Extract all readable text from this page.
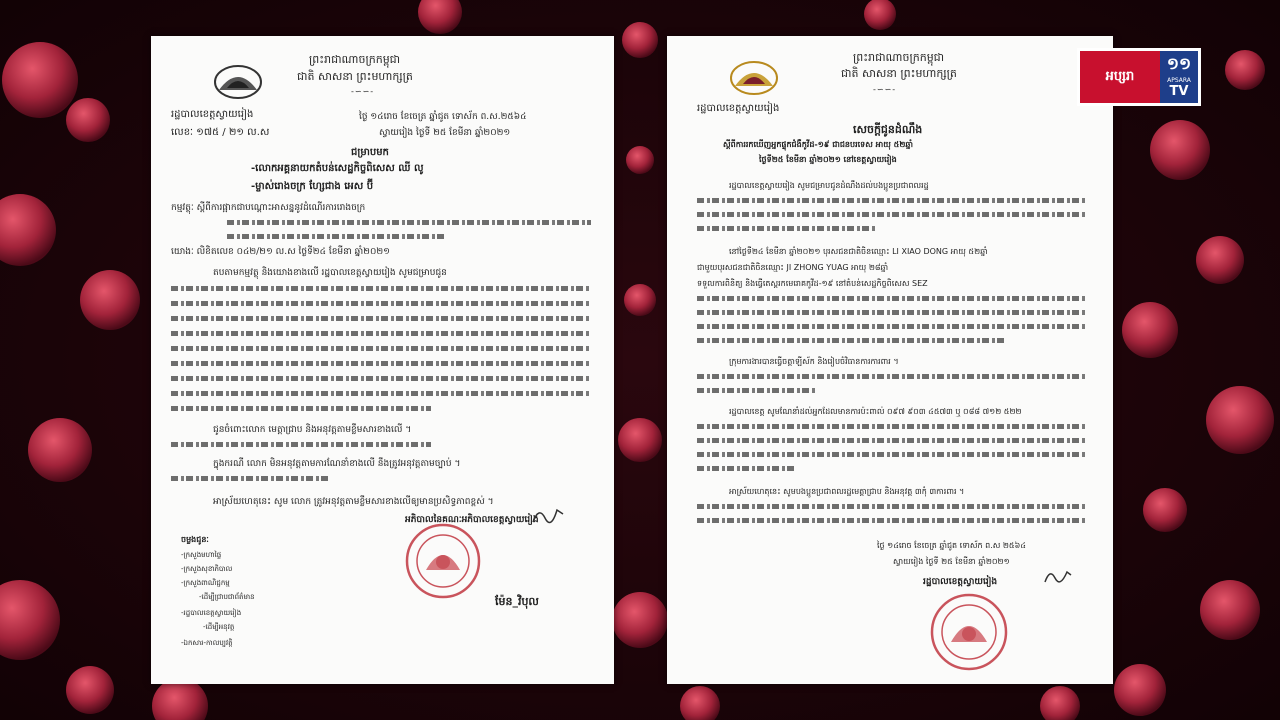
ព្រះរាជាណាចក្រកម្ពុជា
ជាតិ សាសនា ព្រះមហាក្សត្រ
-∽∽-
រដ្ឋបាលខេត្តស្វាយរៀង
លេខៈ ១៧៥ / ២១ ល.ស
ថ្ងៃ ១៤រោច ខែចេត្រ ឆ្នាំជូត ទោស័ក ព.ស.២៥៦៤
ស្វាយរៀង ថ្ងៃទី ២៥ ខែមីនា ឆ្នាំ២០២១
ជម្រាបមក
-លោកអគ្គនាយកតំបន់សេដ្ឋកិច្ចពិសេស ឈី លូ
-ម្ចាស់រោងចក្រ ហ្សែជាង អេស ប៊ី
កម្មវត្ថុៈ ស្តីពីការផ្អាកជាបណ្តោះអាសន្ននូវដំណើរការរោងចក្រ
យោងៈ លិខិតលេខ ០៤២/២១ ល.ស ថ្ងៃទី២៤ ខែមីនា ឆ្នាំ២០២១
តបតាមកម្មវត្ថុ និងយោងខាងលើ រដ្ឋបាលខេត្តស្វាយរៀង សូមជម្រាបជូន
ជូនចំពោះលោក មេត្តាជ្រាប និងអនុវត្តតាមខ្លឹមសារខាងលើ ។
ក្នុងករណី លោក មិនអនុវត្តតាមការណែនាំខាងលើ នឹងត្រូវអនុវត្តតាមច្បាប់ ។
អាស្រ័យហេតុនេះ សូម លោក ត្រូវអនុវត្តតាមខ្លឹមសារខាងលើឲ្យមានប្រសិទ្ធភាពខ្ពស់ ។
អភិបាលនៃគណៈអភិបាលខេត្តស្វាយរៀង
ម៉ែន_វិបុល
ចម្លងជូនៈ
-ក្រសួងមហាផ្ទៃ
-ក្រសួងសុខាភិបាល
-ក្រសួងពាណិជ្ជកម្ម
-ដើម្បីជ្រាបជាព័ត៌មាន
-រដ្ឋបាលខេត្តស្វាយរៀង
-ដើម្បីអនុវត្ត
-ឯកសារ-កាលប្បវត្តិ
ព្រះរាជាណាចក្រកម្ពុជា
ជាតិ សាសនា ព្រះមហាក្សត្រ
-∽∽-
រដ្ឋបាលខេត្តស្វាយរៀង
សេចក្តីជូនដំណឹង
ស្តីពីការរកឃើញអ្នកផ្ទុកជំងឺកូវីដ-១៩ ជាជនបរទេស អាយុ ៥២ឆ្នាំ
ថ្ងៃទី២៥ ខែមីនា ឆ្នាំ២០២១ នៅខេត្តស្វាយរៀង
រដ្ឋបាលខេត្តស្វាយរៀង សូមជម្រាបជូនដំណឹងដល់បងប្អូនប្រជាពលរដ្ឋ
នៅថ្ងៃទី២៤ ខែមីនា ឆ្នាំ២០២១ បុរសជនជាតិចិនឈ្មោះ LI XIAO DONG អាយុ ៥២ឆ្នាំ
ជាមួយបុរសជនជាតិចិនឈ្មោះ JI ZHONG YUAG អាយុ ២៨ឆ្នាំ
ទទួលការពិនិត្យ និងធ្វើតេស្តរកមេរោគកូវីដ-១៩ នៅតំបន់សេដ្ឋកិច្ចពិសេស SEZ
ក្រុមការងារបានធ្វើចត្តាឡីស័ក និងរៀបចំវិធានការការពារ ។
រដ្ឋបាលខេត្ត សូមណែនាំដល់អ្នកដែលមានការប៉ះពាល់ ០៩៧ ៩០៣ ៤៥៧៣ ឬ ០៨៨ ៧១២ ៥២២
អាស្រ័យហេតុនេះ សូមបងប្អូនប្រជាពលរដ្ឋមេត្តាជ្រាប និងអនុវត្ត ៣កុំ ៣ការពារ ។
ថ្ងៃ ១៤រោច ខែចេត្រ ឆ្នាំជូត ទោស័ក ព.ស ២៥៦៤
ស្វាយរៀង ថ្ងៃទី ២៥ ខែមីនា ឆ្នាំ២០២១
រដ្ឋបាលខេត្តស្វាយរៀង
អប្សរា
១១
APSARA
TV
